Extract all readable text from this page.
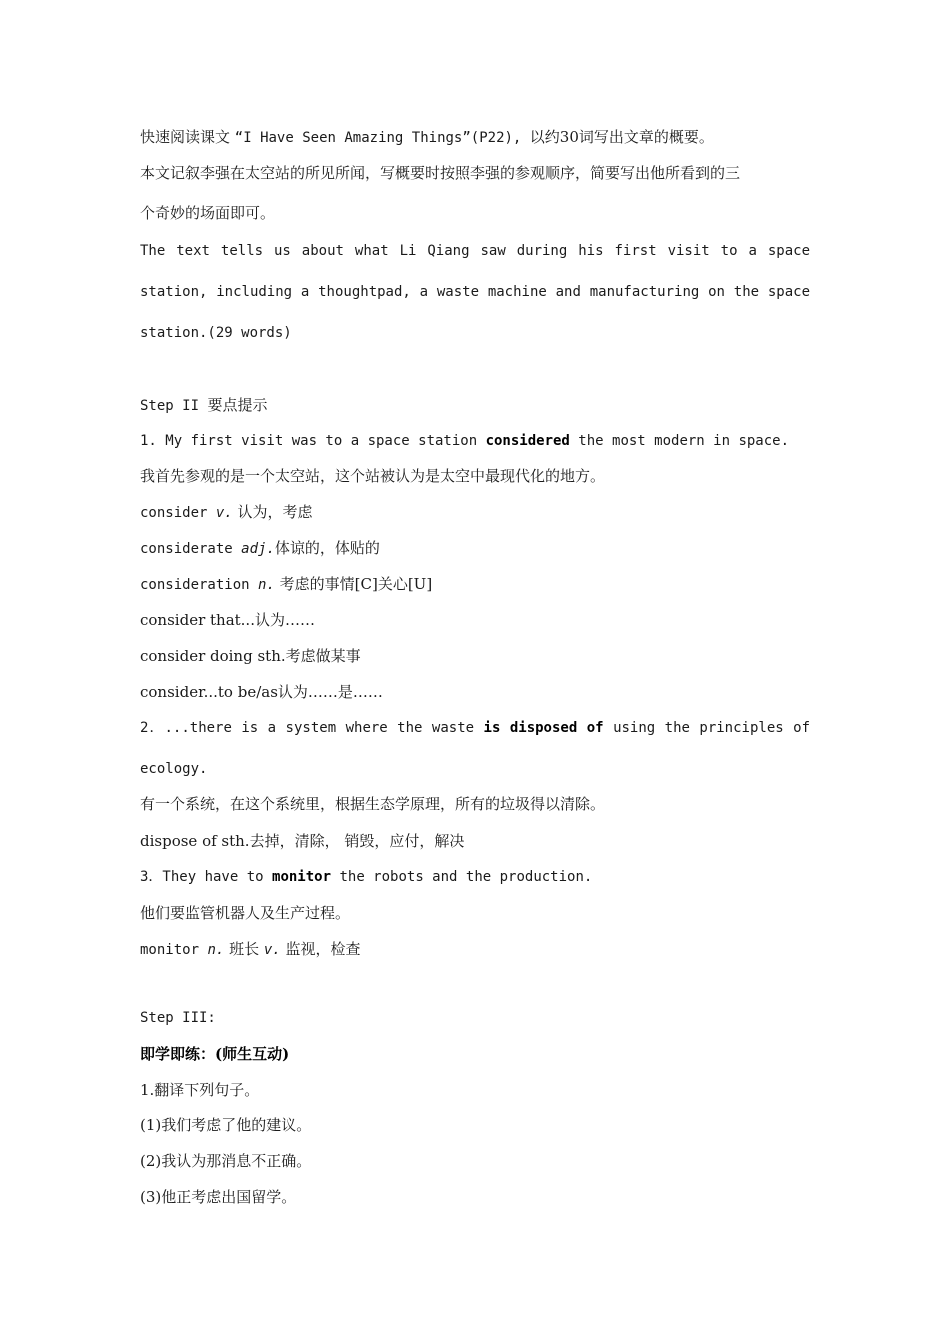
快速阅读课文 “I Have Seen Amazing Things”(P22), 以约30词写出文章的概要。
本文记叙李强在太空站的所见所闻，写概要时按照李强的参观顺序，简要写出他所看到的三
个奇妙的场面即可。
The text tells us about what Li Qiang saw during his first visit to a space
station, including a thoughtpad, a waste machine and manufacturing on the space
station.(29 words)
Step II 要点提示
1. My first visit was to a space station considered the most modern in space.
我首先参观的是一个太空站，这个站被认为是太空中最现代化的地方。
consider v. 认为，考虑
considerate adj.体谅的，体贴的
consideration n. 考虑的事情[C]关心[U]
consider that...认为……
consider doing sth.考虑做某事
consider...to be/as认为……是……
2．...there is a system where the waste is disposed of using the principles of
ecology.
有一个系统，在这个系统里，根据生态学原理，所有的垃圾得以清除。
dispose of sth.去掉，清除， 销毁，应付，解决
3．They have to monitor the robots and the production.
他们要监管机器人及生产过程。
monitor n. 班长 v. 监视，检查
Step III:
即学即练：(师生互动)
1.翻译下列句子。
(1)我们考虑了他的建议。
(2)我认为那消息不正确。
(3)他正考虑出国留学。
